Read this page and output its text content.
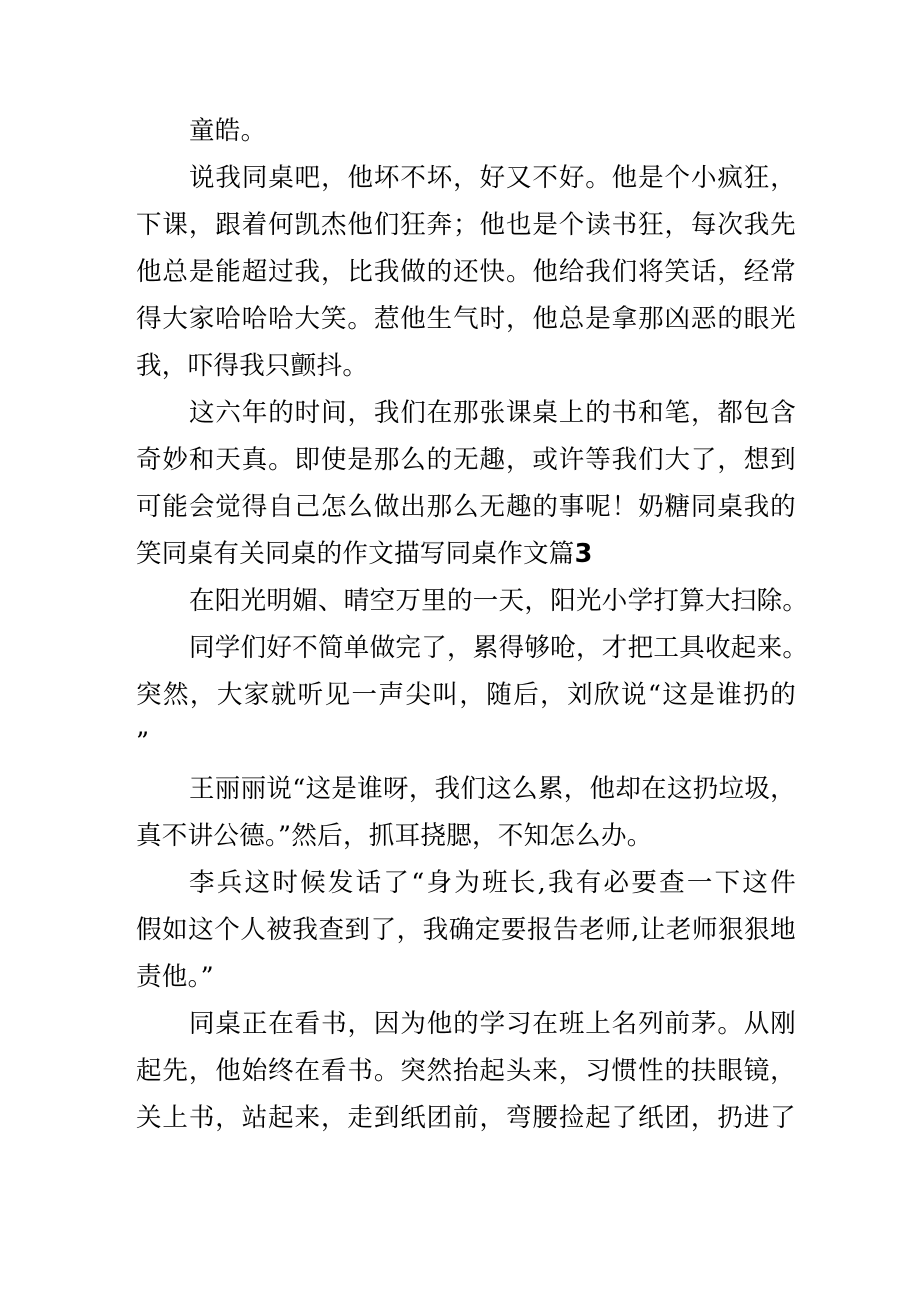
童皓。
说我同桌吧，他坏不坏，好又不好。他是个小疯狂，
下课，跟着何凯杰他们狂奔；他也是个读书狂，每次我先
他总是能超过我，比我做的还快。他给我们将笑话，经常
得大家哈哈哈大笑。惹他生气时，他总是拿那凶恶的眼光
我，吓得我只颤抖。
这六年的时间，我们在那张课桌上的书和笔，都包含
奇妙和天真。即使是那么的无趣，或许等我们大了，想到
可能会觉得自己怎么做出那么无趣的事呢！奶糖同桌我的
笑同桌有关同桌的作文描写同桌作文篇3
在阳光明媚、晴空万里的一天，阳光小学打算大扫除。
同学们好不简单做完了，累得够呛，才把工具收起来。
突然，大家就听见一声尖叫，随后，刘欣说“这是谁扔的
”
王丽丽说“这是谁呀，我们这么累，他却在这扔垃圾，
真不讲公德。”然后，抓耳挠腮，不知怎么办。
李兵这时候发话了“身为班长,我有必要查一下这件
假如这个人被我查到了，我确定要报告老师,让老师狠狠地
责他。”
同桌正在看书，因为他的学习在班上名列前茅。从刚
起先，他始终在看书。突然抬起头来，习惯性的扶眼镜，
关上书，站起来，走到纸团前，弯腰捡起了纸团，扔进了
